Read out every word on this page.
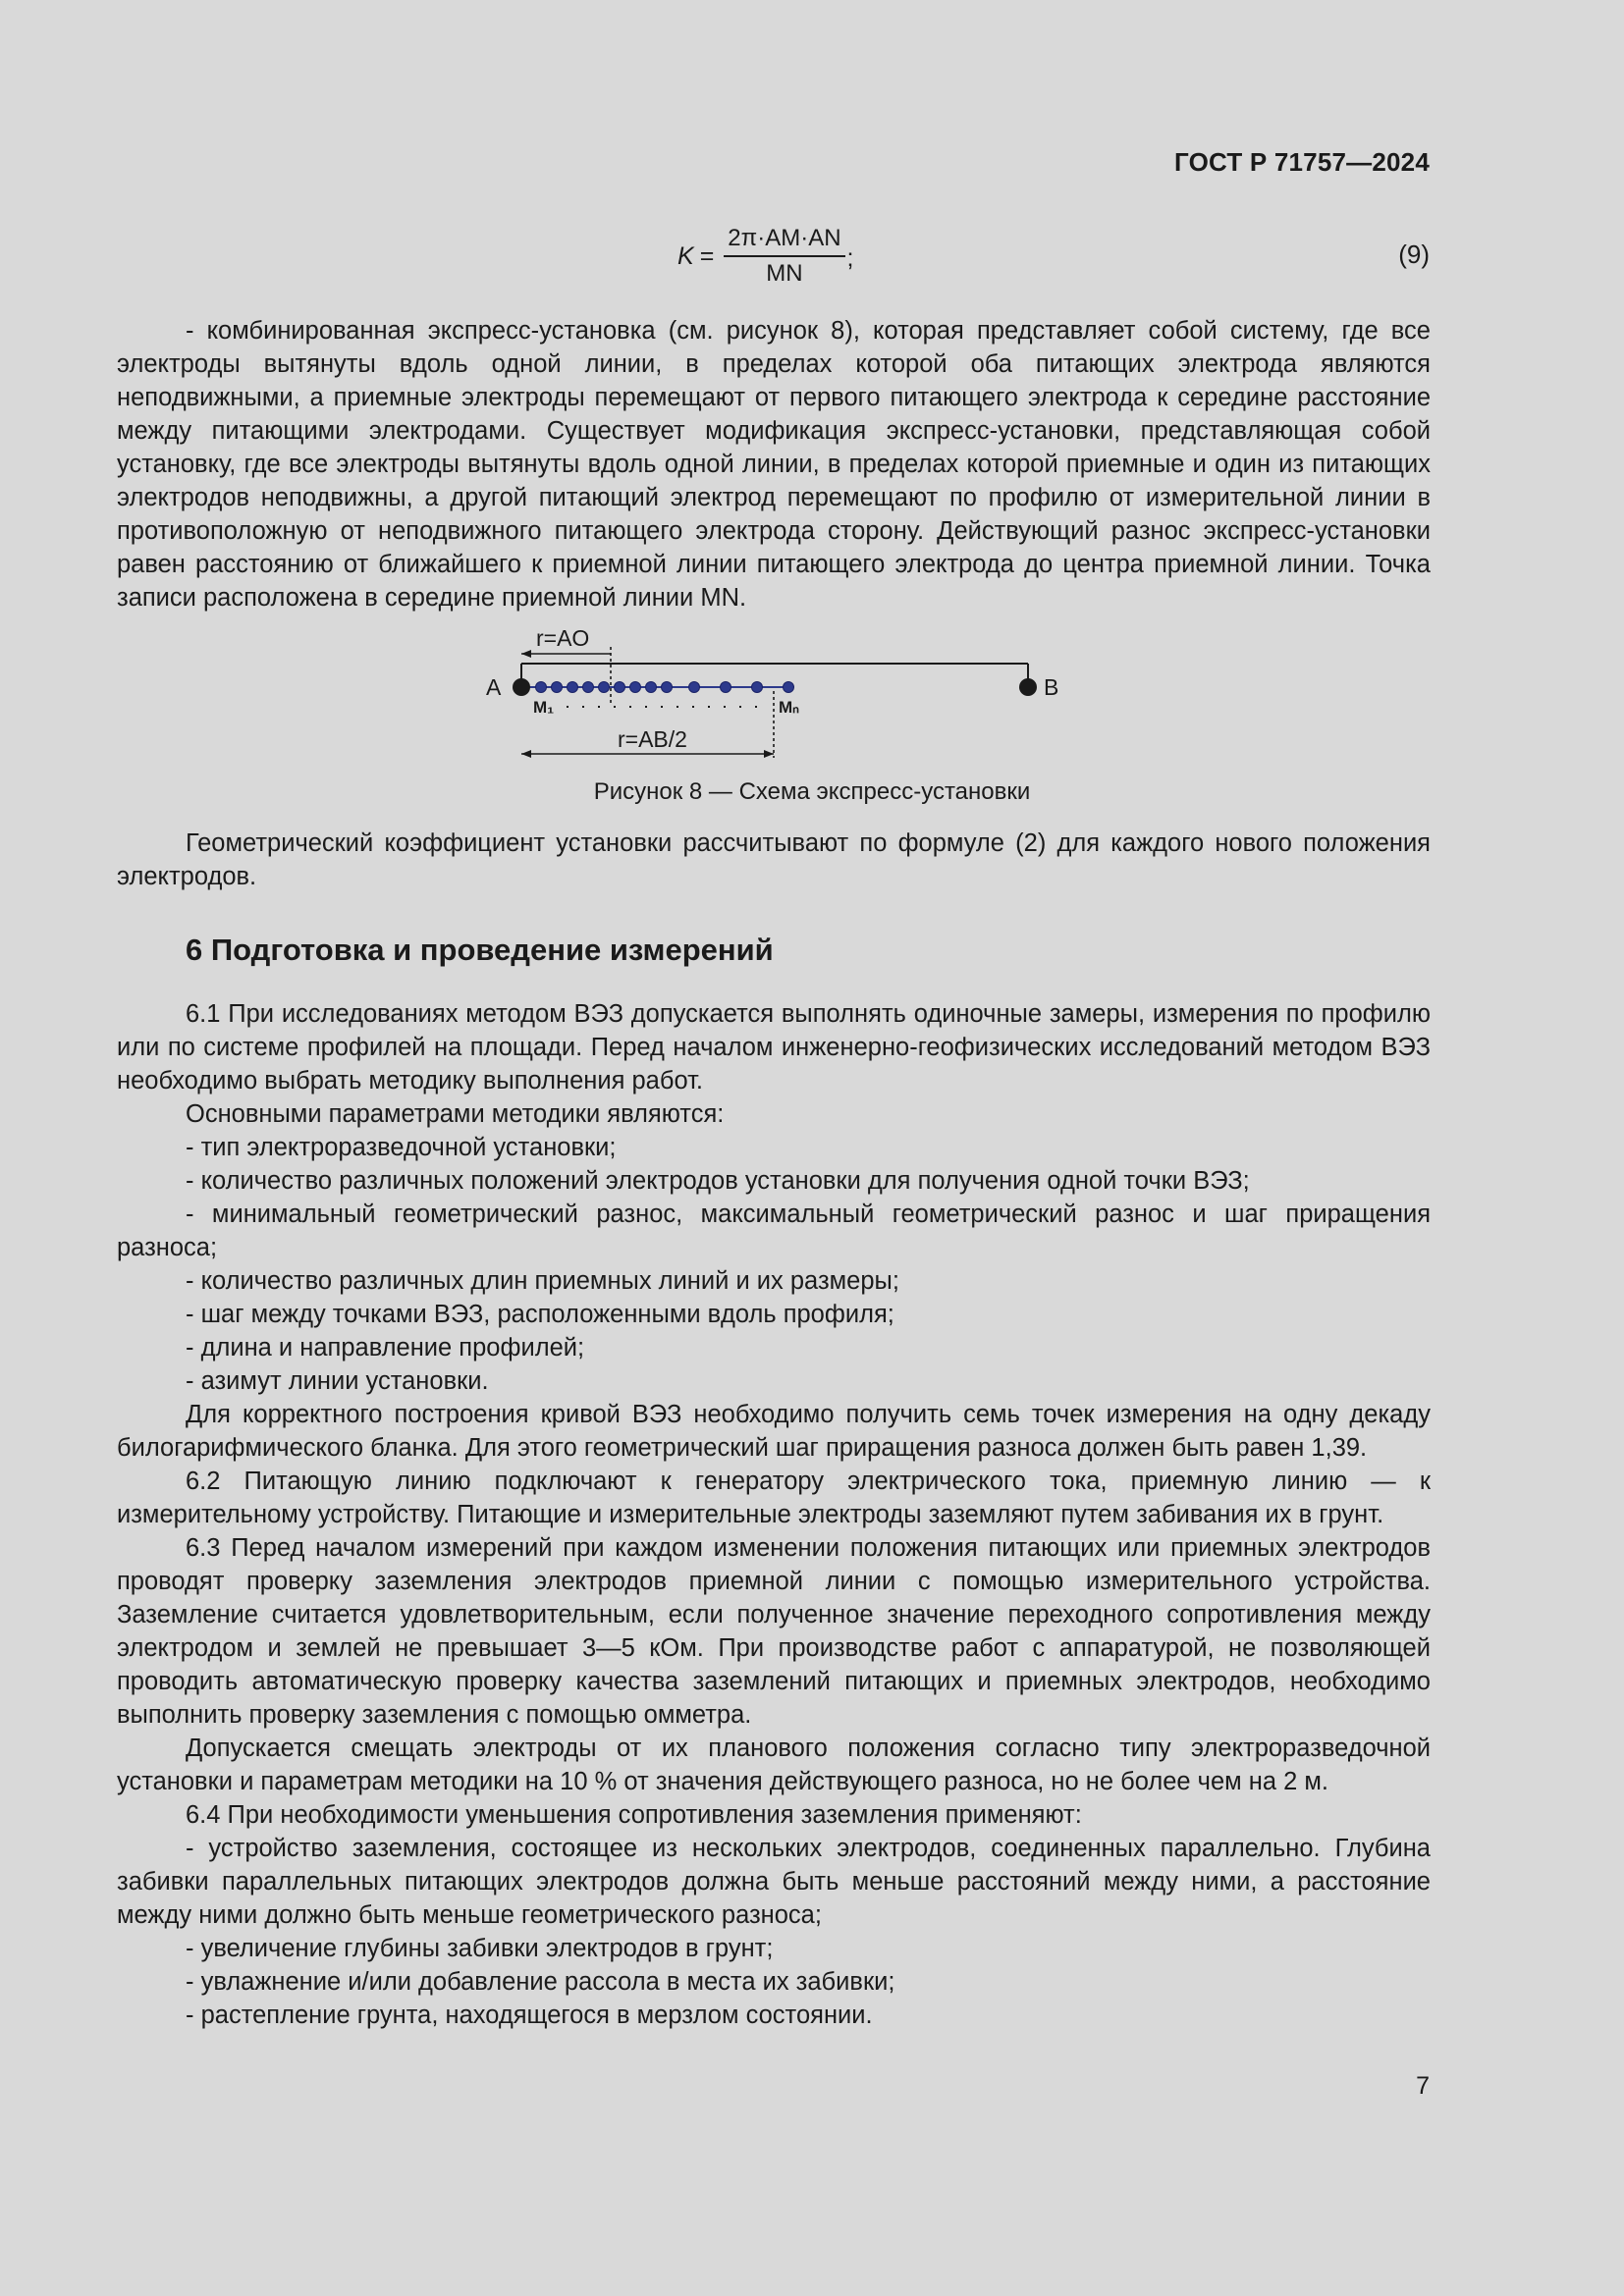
ГОСТ Р 71757—2024
$K = \frac{2\pi\cdot AM\cdot AN}{MN}$ ;	(9)

- комбинированная экспресс-установка (см. рисунок 8), которая представляет собой систему, где все электроды вытянуты вдоль одной линии, в пределах которой оба питающих электрода являются неподвижными, а приемные электроды перемещают от первого питающего электрода к середине расстояние между питающими электродами. Существует модификация экспресс-установки, представляющая собой установку, где все электроды вытянуты вдоль одной линии, в пределах которой приемные и один из питающих электродов неподвижны, а другой питающий электрод перемещают по профилю от измерительной линии в противоположную от неподвижного питающего электрода сторону. Действующий разнос экспресс-установки равен расстоянию от ближайшего к приемной линии питающего электрода до центра приемной линии. Точка записи расположена в середине приемной линии MN.

r=AO
A	B
M₁	Mₙ
r=AB/2
Рисунок 8 — Схема экспресс-установки

Геометрический коэффициент установки рассчитывают по формуле (2) для каждого нового положения электродов.

6 Подготовка и проведение измерений

6.1 При исследованиях методом ВЭЗ допускается выполнять одиночные замеры, измерения по профилю или по системе профилей на площади. Перед началом инженерно-геофизических исследований методом ВЭЗ необходимо выбрать методику выполнения работ.

Основными параметрами методики являются:

- тип электроразведочной установки;

- количество различных положений электродов установки для получения одной точки ВЭЗ;

- минимальный геометрический разнос, максимальный геометрический разнос и шаг приращения разноса;

- количество различных длин приемных линий и их размеры;

- шаг между точками ВЭЗ, расположенными вдоль профиля;

- длина и направление профилей;

- азимут линии установки.

Для корректного построения кривой ВЭЗ необходимо получить семь точек измерения на одну декаду билогарифмического бланка. Для этого геометрический шаг приращения разноса должен быть равен 1,39.

6.2 Питающую линию подключают к генератору электрического тока, приемную линию — к измерительному устройству. Питающие и измерительные электроды заземляют путем забивания их в грунт.

6.3 Перед началом измерений при каждом изменении положения питающих или приемных электродов проводят проверку заземления электродов приемной линии с помощью измерительного устройства. Заземление считается удовлетворительным, если полученное значение переходного сопротивления между электродом и землей не превышает 3—5 кОм. При производстве работ с аппаратурой, не позволяющей проводить автоматическую проверку качества заземлений питающих и приемных электродов, необходимо выполнить проверку заземления с помощью омметра.

Допускается смещать электроды от их планового положения согласно типу электроразведочной установки и параметрам методики на 10 % от значения действующего разноса, но не более чем на 2 м.

6.4 При необходимости уменьшения сопротивления заземления применяют:

- устройство заземления, состоящее из нескольких электродов, соединенных параллельно. Глубина забивки параллельных питающих электродов должна быть меньше расстояний между ними, а расстояние между ними должно быть меньше геометрического разноса;

- увеличение глубины забивки электродов в грунт;

- увлажнение и/или добавление рассола в места их забивки;

- растепление грунта, находящегося в мерзлом состоянии.

7
